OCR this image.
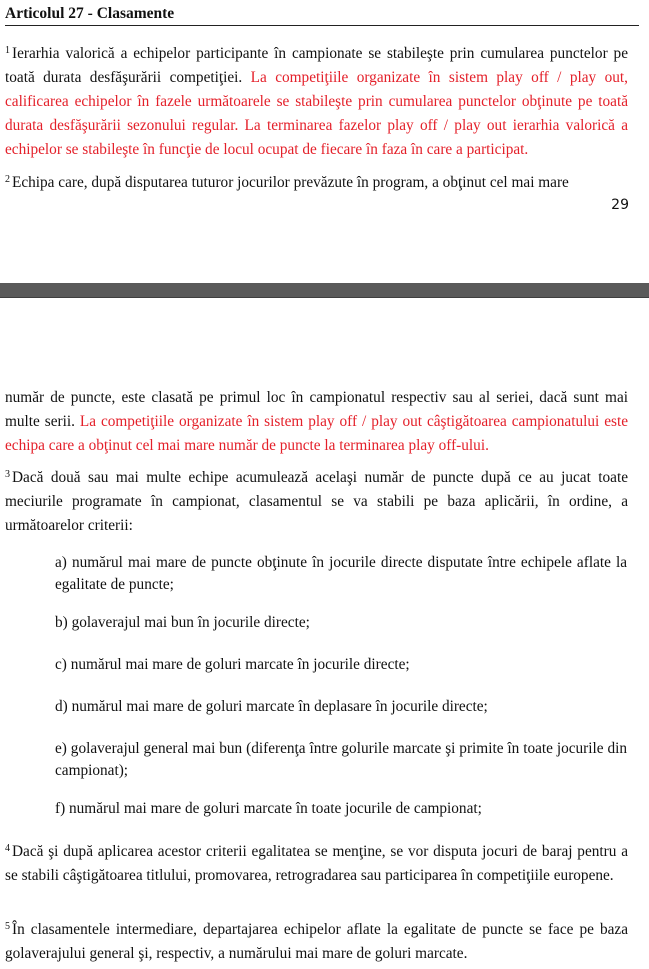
Articolul 27 - Clasamente
$^1$ Ierarhia valorică a echipelor participante în campionate se stabileşte prin cumularea punctelor pe toată durata desfăşurării competiţiei. La competiţiile organizate în sistem play off / play out, calificarea echipelor în fazele următoarele se stabileşte prin cumularea punctelor obţinute pe toată durata desfăşurării sezonului regular. La terminarea fazelor play off / play out ierarhia valorică a echipelor se stabileşte în funcţie de locul ocupat de fiecare în faza în care a participat.
$^2$ Echipa care, după disputarea tuturor jocurilor prevăzute în program, a obţinut cel mai mare
29
număr de puncte, este clasată pe primul loc în campionatul respectiv sau al seriei, dacă sunt mai multe serii. La competiţiile organizate în sistem play off / play out câştigătoarea campionatului este echipa care a obţinut cel mai mare număr de puncte la terminarea play off-ului.
$^3$ Dacă două sau mai multe echipe acumulează acelaşi număr de puncte după ce au jucat toate meciurile programate în campionat, clasamentul se va stabili pe baza aplicării, în ordine, a următoarelor criterii:
a) numărul mai mare de puncte obţinute în jocurile directe disputate între echipele aflate la egalitate de puncte;
b) golaverajul mai bun în jocurile directe;
c) numărul mai mare de goluri marcate în jocurile directe;
d) numărul mai mare de goluri marcate în deplasare în jocurile directe;
e) golaverajul general mai bun (diferenţa între golurile marcate şi primite în toate jocurile din campionat);
f) numărul mai mare de goluri marcate în toate jocurile de campionat;
$^4$ Dacă şi după aplicarea acestor criterii egalitatea se menţine, se vor disputa jocuri de baraj pentru a se stabili câştigătoarea titlului, promovarea, retrogradarea sau participarea în competiţiile europene.
$^5$ În clasamentele intermediare, departajarea echipelor aflate la egalitate de puncte se face pe baza golaverajului general şi, respectiv, a numărului mai mare de goluri marcate.
